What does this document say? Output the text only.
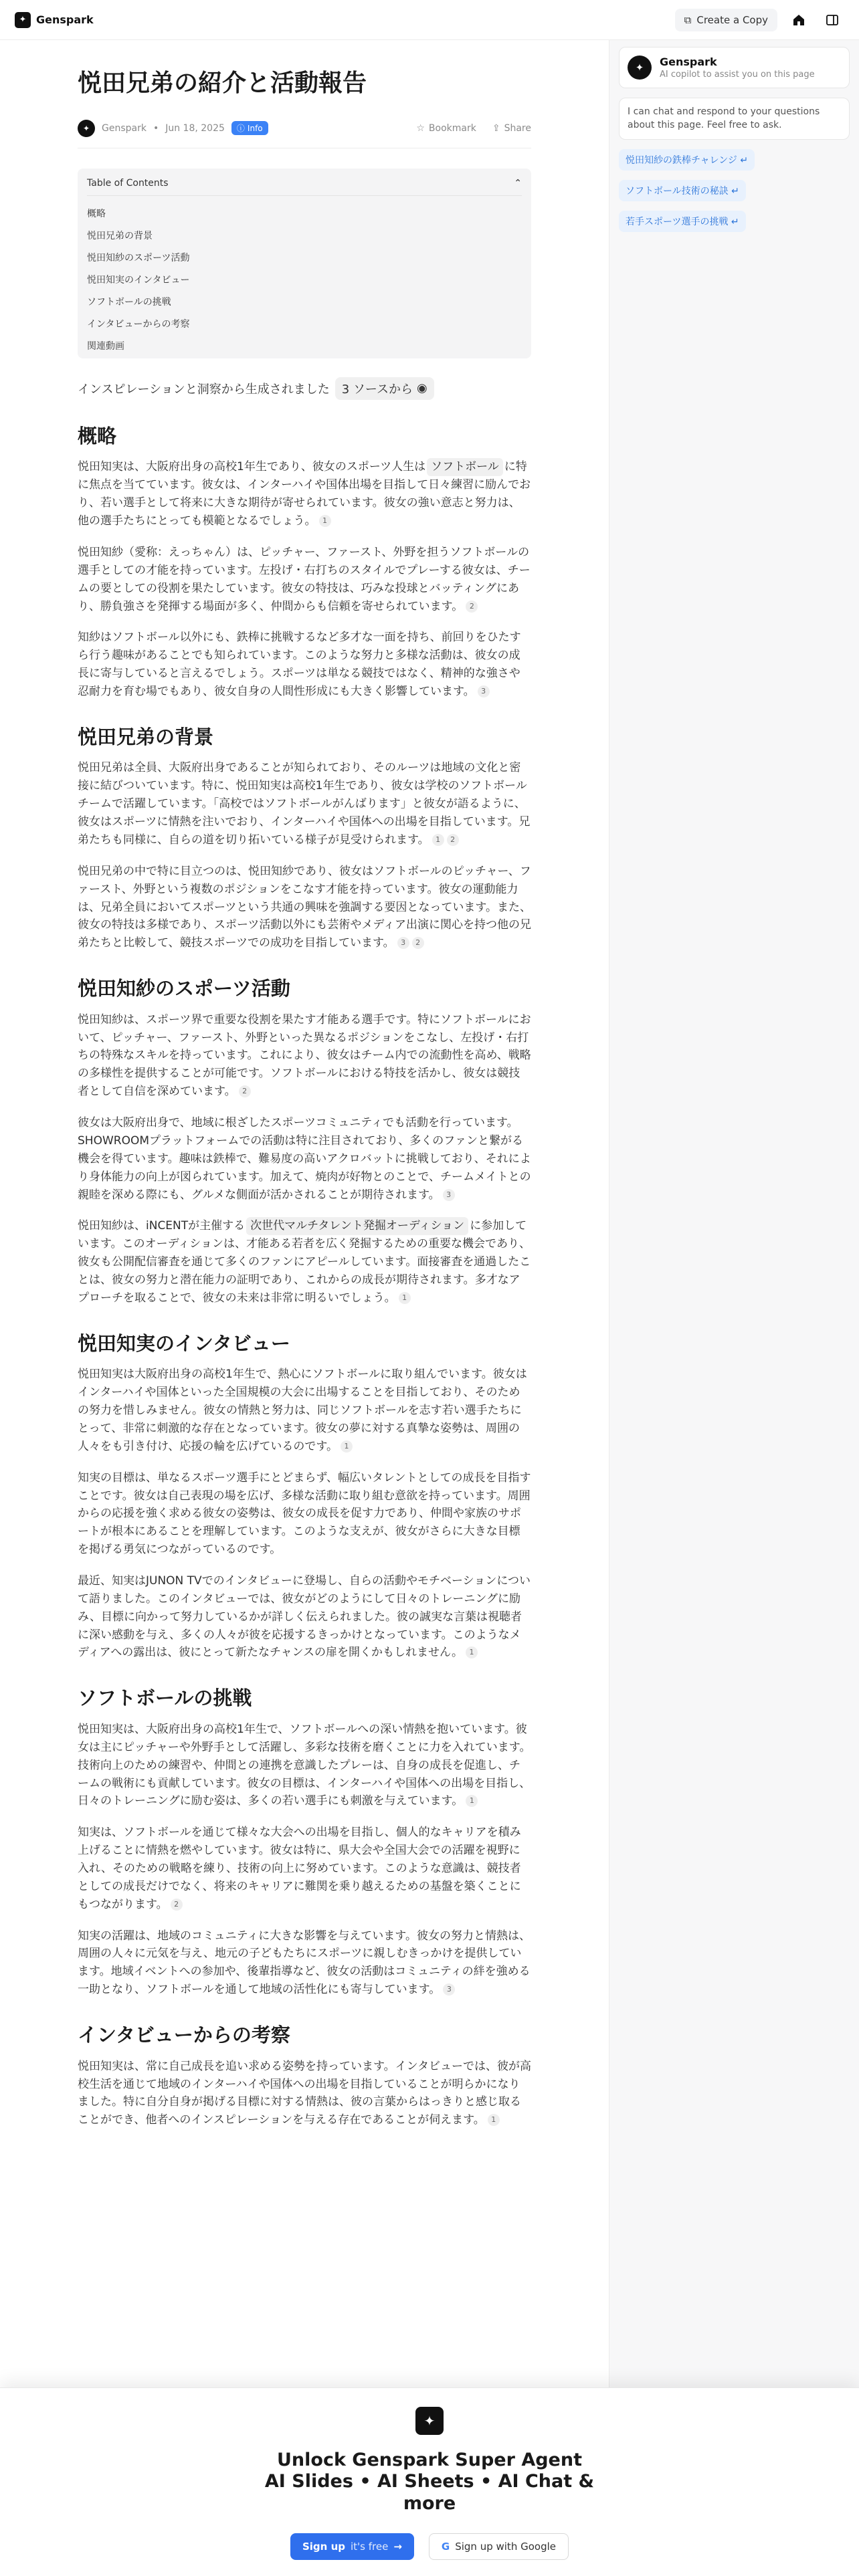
✦ Genspark	⧉ Create a Copy
悦田兄弟の紹介と活動報告
✦	Genspark • Jun 18, 2025	ⓘ Info	☆ Bookmark ⇪ Share
Table of Contents	⌃
概略
悦田兄弟の背景
悦田知紗のスポーツ活動
悦田知実のインタビュー
ソフトボールの挑戦
インタビューからの考察
関連動画
インスピレーションと洞察から生成されました 3 ソースから ◉
概略

悦田知実は、大阪府出身の高校1年生であり、彼女のスポーツ人生は ソフトボール に特に焦点を当てています。彼女は、インターハイや国体出場を目指して日々練習に励んでおり、若い選手として将来に大きな期待が寄せられています。彼女の強い意志と努力は、他の選手たちにとっても模範となるでしょう。 1

悦田知紗（愛称：えっちゃん）は、ピッチャー、ファースト、外野を担うソフトボールの選手としての才能を持っています。左投げ・右打ちのスタイルでプレーする彼女は、チームの要としての役割を果たしています。彼女の特技は、巧みな投球とバッティングにあり、勝負強さを発揮する場面が多く、仲間からも信頼を寄せられています。 2

知紗はソフトボール以外にも、鉄棒に挑戦するなど多才な一面を持ち、前回りをひたすら行う趣味があることでも知られています。このような努力と多様な活動は、彼女の成長に寄与していると言えるでしょう。スポーツは単なる競技ではなく、精神的な強さや忍耐力を育む場でもあり、彼女自身の人間性形成にも大きく影響しています。 3

悦田兄弟の背景

悦田兄弟は全員、大阪府出身であることが知られており、そのルーツは地域の文化と密接に結びついています。特に、悦田知実は高校1年生であり、彼女は学校のソフトボールチームで活躍しています。「高校ではソフトボールがんばります」と彼女が語るように、彼女はスポーツに情熱を注いでおり、インターハイや国体への出場を目指しています。兄弟たちも同様に、自らの道を切り拓いている様子が見受けられます。 1 2

悦田兄弟の中で特に目立つのは、悦田知紗であり、彼女はソフトボールのピッチャー、ファースト、外野という複数のポジションをこなす才能を持っています。彼女の運動能力は、兄弟全員においてスポーツという共通の興味を強調する要因となっています。また、彼女の特技は多様であり、スポーツ活動以外にも芸術やメディア出演に関心を持つ他の兄弟たちと比較して、競技スポーツでの成功を目指しています。 3 2

悦田知紗のスポーツ活動

悦田知紗は、スポーツ界で重要な役割を果たす才能ある選手です。特にソフトボールにおいて、ピッチャー、ファースト、外野といった異なるポジションをこなし、左投げ・右打ちの特殊なスキルを持っています。これにより、彼女はチーム内での流動性を高め、戦略の多様性を提供することが可能です。ソフトボールにおける特技を活かし、彼女は競技者として自信を深めています。 2

彼女は大阪府出身で、地域に根ざしたスポーツコミュニティでも活動を行っています。SHOWROOMプラットフォームでの活動は特に注目されており、多くのファンと繋がる機会を得ています。趣味は鉄棒で、難易度の高いアクロバットに挑戦しており、それにより身体能力の向上が図られています。加えて、焼肉が好物とのことで、チームメイトとの親睦を深める際にも、グルメな側面が活かされることが期待されます。 3

悦田知紗は、iNCENTが主催する 次世代マルチタレント発掘オーディション に参加しています。このオーディションは、才能ある若者を広く発掘するための重要な機会であり、彼女も公開配信審査を通じて多くのファンにアピールしています。面接審査を通過したことは、彼女の努力と潜在能力の証明であり、これからの成長が期待されます。多才なアプローチを取ることで、彼女の未来は非常に明るいでしょう。 1

悦田知実のインタビュー

悦田知実は大阪府出身の高校1年生で、熱心にソフトボールに取り組んでいます。彼女はインターハイや国体といった全国規模の大会に出場することを目指しており、そのための努力を惜しみません。彼女の情熱と努力は、同じソフトボールを志す若い選手たちにとって、非常に刺激的な存在となっています。彼女の夢に対する真摯な姿勢は、周囲の人々をも引き付け、応援の輪を広げているのです。 1

知実の目標は、単なるスポーツ選手にとどまらず、幅広いタレントとしての成長を目指すことです。彼女は自己表現の場を広げ、多様な活動に取り組む意欲を持っています。周囲からの応援を強く求める彼女の姿勢は、彼女の成長を促す力であり、仲間や家族のサポートが根本にあることを理解しています。このような支えが、彼女がさらに大きな目標を掲げる勇気につながっているのです。

最近、知実はJUNON TVでのインタビューに登場し、自らの活動やモチベーションについて語りました。このインタビューでは、彼女がどのようにして日々のトレーニングに励み、目標に向かって努力しているかが詳しく伝えられました。彼の誠実な言葉は視聴者に深い感動を与え、多くの人々が彼を応援するきっかけとなっています。このようなメディアへの露出は、彼にとって新たなチャンスの扉を開くかもしれません。 1

ソフトボールの挑戦

悦田知実は、大阪府出身の高校1年生で、ソフトボールへの深い情熱を抱いています。彼女は主にピッチャーや外野手として活躍し、多彩な技術を磨くことに力を入れています。技術向上のための練習や、仲間との連携を意識したプレーは、自身の成長を促進し、チームの戦術にも貢献しています。彼女の目標は、インターハイや国体への出場を目指し、日々のトレーニングに励む姿は、多くの若い選手にも刺激を与えています。 1

知実は、ソフトボールを通じて様々な大会への出場を目指し、個人的なキャリアを積み上げることに情熱を燃やしています。彼女は特に、県大会や全国大会での活躍を視野に入れ、そのための戦略を練り、技術の向上に努めています。このような意識は、競技者としての成長だけでなく、将来のキャリアに難関を乗り越えるための基盤を築くことにもつながります。 2

知実の活躍は、地域のコミュニティに大きな影響を与えています。彼女の努力と情熱は、周囲の人々に元気を与え、地元の子どもたちにスポーツに親しむきっかけを提供しています。地域イベントへの参加や、後輩指導など、彼女の活動はコミュニティの絆を強める一助となり、ソフトボールを通して地域の活性化にも寄与しています。 3

インタビューからの考察

悦田知実は、常に自己成長を追い求める姿勢を持っています。インタビューでは、彼が高校生活を通じて地域のインターハイや国体への出場を目指していることが明らかになりました。特に自分自身が掲げる目標に対する情熱は、彼の言葉からはっきりと感じ取ることができ、他者へのインスピレーションを与える存在であることが伺えます。 1

✦	Genspark
AI copilot to assist you on this page
I can chat and respond to your questions about this page. Feel free to ask.
悦田知紗の鉄棒チャレンジ ↵
ソフトボール技術の秘訣 ↵
若手スポーツ選手の挑戦 ↵
✦
Unlock Genspark Super Agent
AI Slides • AI Sheets • AI Chat &
more
Sign up it's free →	G Sign up with Google
